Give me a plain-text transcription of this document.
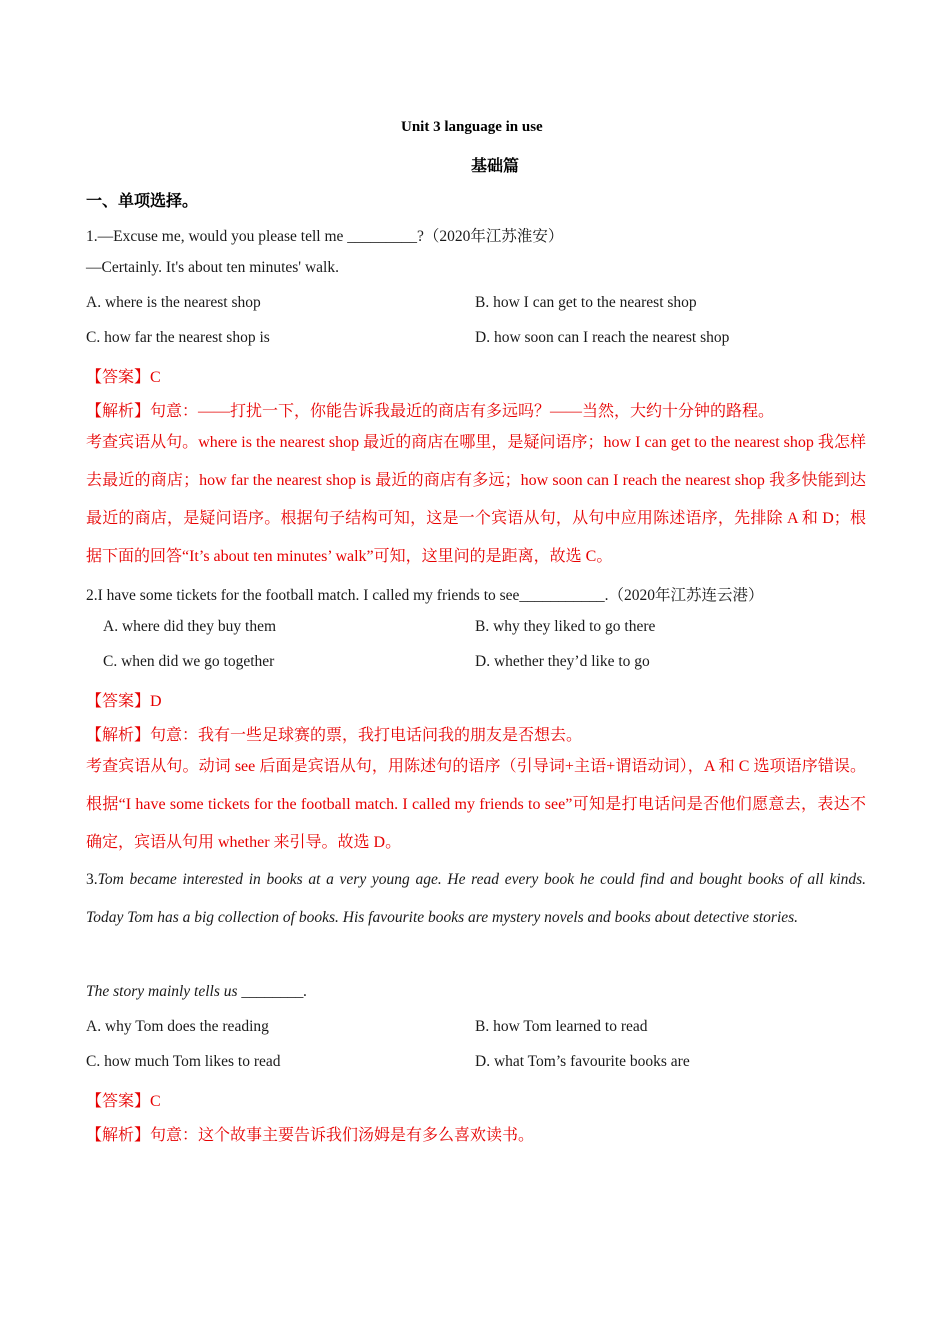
Unit 3 language in use
基础篇
一、单项选择。
1.—Excuse me, would you please tell me _________?（2020年江苏淮安）
—Certainly. It's about ten minutes' walk.
A. where is the nearest shop	B. how I can get to the nearest shop
C. how far the nearest shop is	D. how soon can I reach the nearest shop
【答案】C
【解析】句意：——打扰一下，你能告诉我最近的商店有多远吗？——当然，大约十分钟的路程。
考查宾语从句。where is the nearest shop 最近的商店在哪里，是疑问语序；how I can get to the nearest shop 我怎样去最近的商店；how far the nearest shop is 最近的商店有多远；how soon can I reach the nearest shop 我多快能到达最近的商店，是疑问语序。根据句子结构可知，这是一个宾语从句，从句中应用陈述语序，先排除 A 和 D；根据下面的回答“It’s about ten minutes’ walk”可知，这里问的是距离，故选 C。
2.I have some tickets for the football match. I called my friends to see___________.（2020年江苏连云港）
A. where did they buy them	B. why they liked to go there
C. when did we go together	D. whether they’d like to go
【答案】D
【解析】句意：我有一些足球赛的票，我打电话问我的朋友是否想去。
考查宾语从句。动词 see 后面是宾语从句，用陈述句的语序（引导词+主语+谓语动词），A 和 C 选项语序错误。根据“I have some tickets for the football match. I called my friends to see”可知是打电话问是否他们愿意去，表达不确定，宾语从句用 whether 来引导。故选 D。
3.Tom became interested in books at a very young age. He read every book he could find and bought books of all kinds. Today Tom has a big collection of books. His favourite books are mystery novels and books about detective stories.
The story mainly tells us ________.
A. why Tom does the reading	B. how Tom learned to read
C. how much Tom likes to read	D. what Tom’s favourite books are
【答案】C
【解析】句意：这个故事主要告诉我们汤姆是有多么喜欢读书。
